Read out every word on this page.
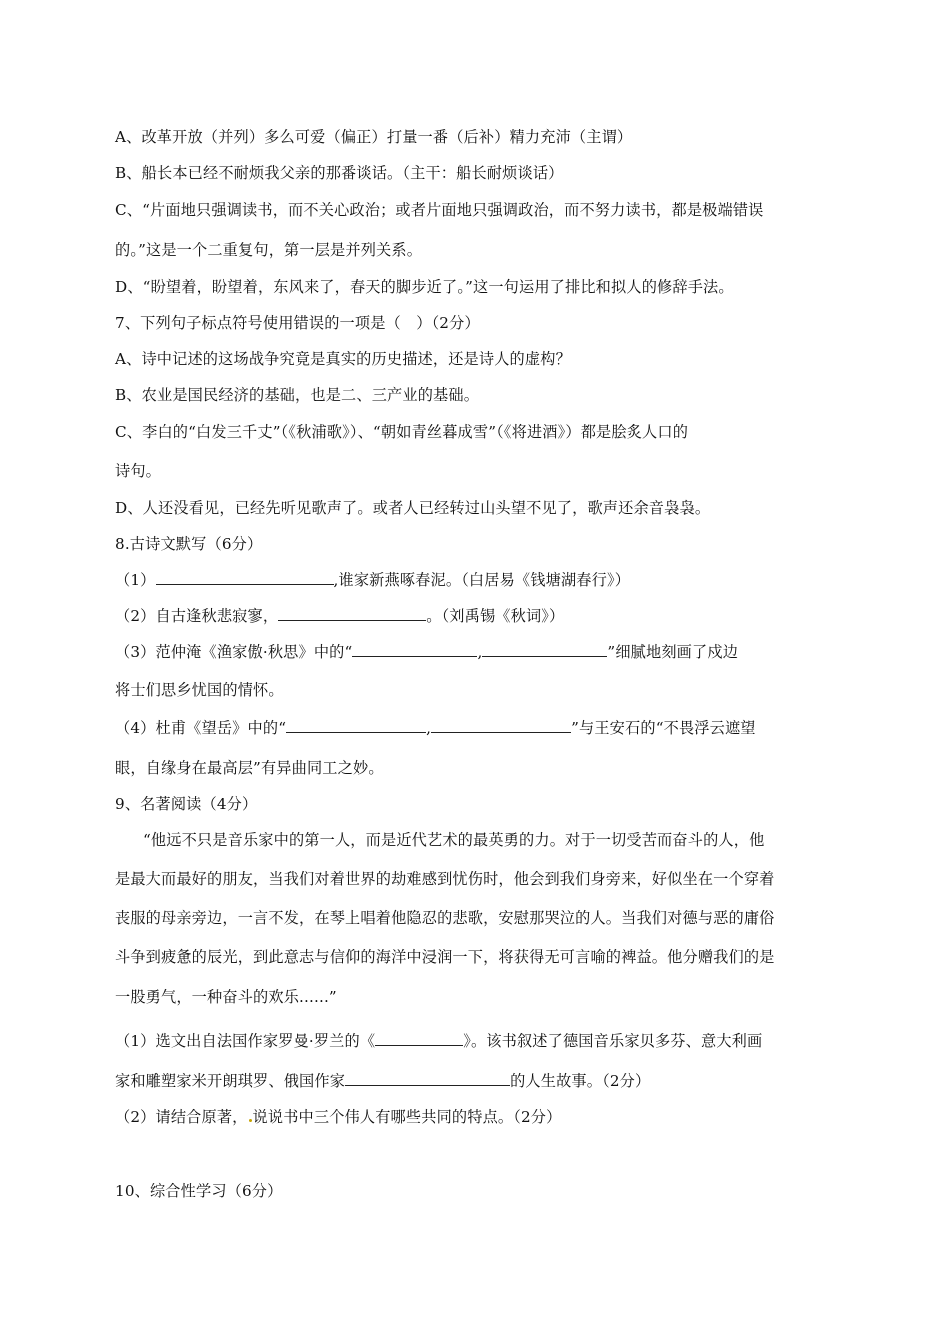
A、改革开放（并列）多么可爱（偏正）打量一番（后补）精力充沛（主谓）
B、船长本已经不耐烦我父亲的那番谈话。（主干：船长耐烦谈话）
C、“片面地只强调读书，而不关心政治；或者片面地只强调政治，而不努力读书，都是极端错误
的。”这是一个二重复句，第一层是并列关系。
D、“盼望着，盼望着，东风来了，春天的脚步近了。”这一句运用了排比和拟人的修辞手法。
7、下列句子标点符号使用错误的一项是（　）（2分）
A、诗中记述的这场战争究竟是真实的历史描述，还是诗人的虚构？
B、农业是国民经济的基础，也是二、三产业的基础。
C、李白的“白发三千丈”（《秋浦歌》）、“朝如青丝暮成雪”（《将进酒》）都是脍炙人口的
诗句。
D、人还没看见，已经先听见歌声了。或者人已经转过山头望不见了，歌声还余音袅袅。
8.古诗文默写（6分）
（1）	,谁家新燕啄春泥。（白居易《钱塘湖春行》）
（2）自古逢秋悲寂寥，	。（刘禹锡《秋词》）
（3）范仲淹《渔家傲·秋思》中的“	,	”细腻地刻画了戍边
将士们思乡忧国的情怀。
（4）杜甫《望岳》中的“	,	”与王安石的“不畏浮云遮望
眼，自缘身在最高层”有异曲同工之妙。
9、名著阅读（4分）
“他远不只是音乐家中的第一人，而是近代艺术的最英勇的力。对于一切受苦而奋斗的人，他
是最大而最好的朋友，当我们对着世界的劫难感到忧伤时，他会到我们身旁来，好似坐在一个穿着
丧服的母亲旁边，一言不发，在琴上唱着他隐忍的悲歌，安慰那哭泣的人。当我们对德与恶的庸俗
斗争到疲惫的辰光，到此意志与信仰的海洋中浸润一下，将获得无可言喻的裨益。他分赠我们的是
一股勇气，一种奋斗的欢乐......”
（1）选文出自法国作家罗曼·罗兰的《	》。该书叙述了德国音乐家贝多芬、意大利画
家和雕塑家米开朗琪罗、俄国作家	的人生故事。（2分）
（2）请结合原著， 说说书中三个伟人有哪些共同的特点。（2分）
10、综合性学习（6分）
